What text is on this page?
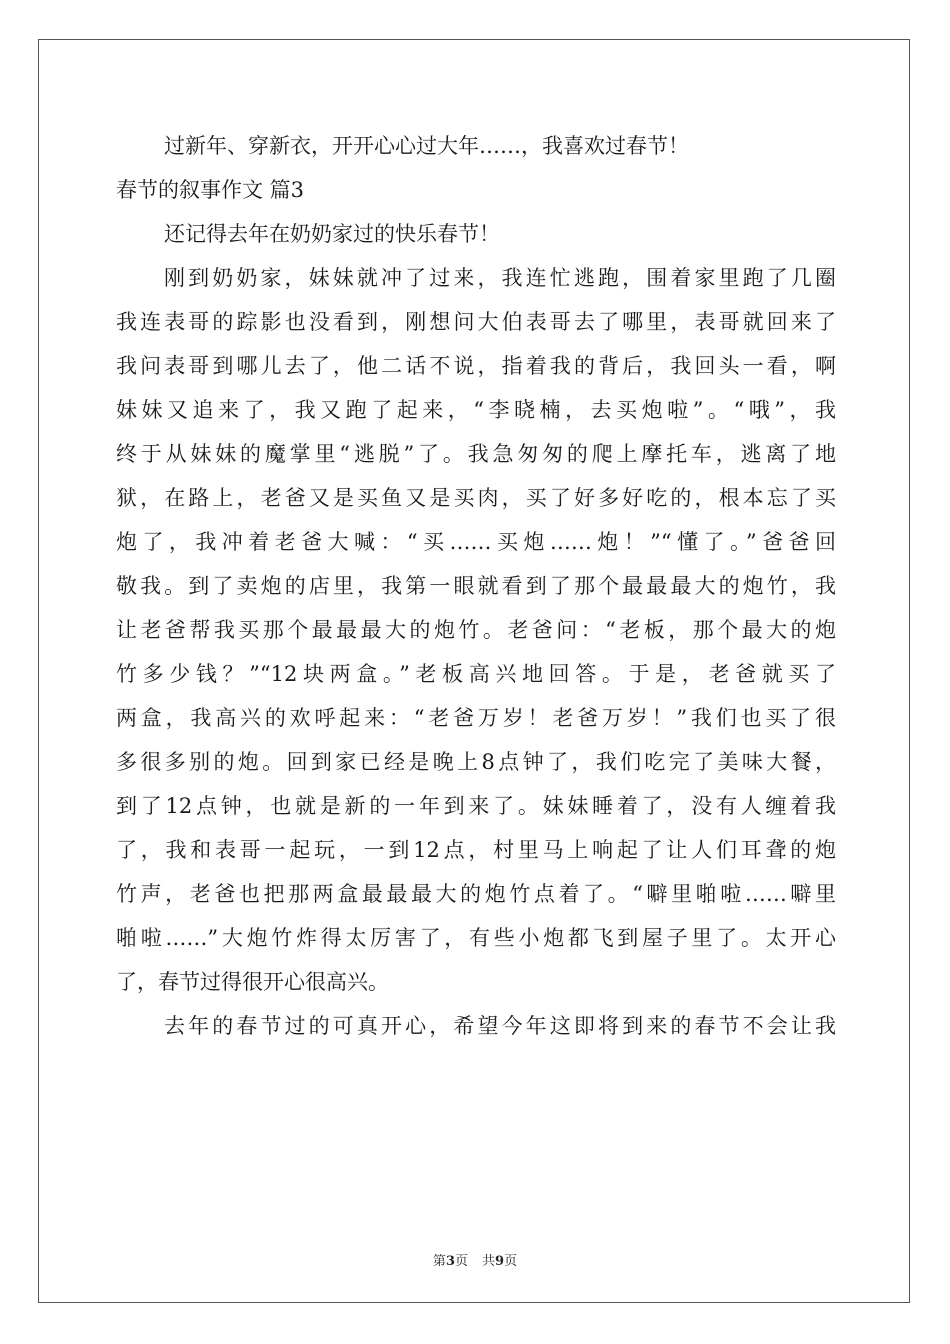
过新年、穿新衣，开开心心过大年……，我喜欢过春节！
春节的叙事作文 篇3
还记得去年在奶奶家过的快乐春节！
刚到奶奶家，妹妹就冲了过来，我连忙逃跑，围着家里跑了几圈
我连表哥的踪影也没看到，刚想问大伯表哥去了哪里，表哥就回来了
我问表哥到哪儿去了，他二话不说，指着我的背后，我回头一看，啊
妹妹又追来了，我又跑了起来，“李晓楠，去买炮啦”。“哦”，我
终于从妹妹的魔掌里“逃脱”了。我急匆匆的爬上摩托车，逃离了地
狱，在路上，老爸又是买鱼又是买肉，买了好多好吃的，根本忘了买
炮了，我冲着老爸大喊：“买……买炮……炮！”“懂了。”爸爸回
敬我。到了卖炮的店里，我第一眼就看到了那个最最最大的炮竹，我
让老爸帮我买那个最最最大的炮竹。老爸问：“老板，那个最大的炮
竹多少钱？”“12块两盒。”老板高兴地回答。于是，老爸就买了
两盒，我高兴的欢呼起来：“老爸万岁！老爸万岁！”我们也买了很
多很多别的炮。回到家已经是晚上8点钟了，我们吃完了美味大餐，
到了12点钟，也就是新的一年到来了。妹妹睡着了，没有人缠着我
了，我和表哥一起玩，一到12点，村里马上响起了让人们耳聋的炮
竹声，老爸也把那两盒最最最大的炮竹点着了。“噼里啪啦……噼里
啪啦……”大炮竹炸得太厉害了，有些小炮都飞到屋子里了。太开心
了，春节过得很开心很高兴。
去年的春节过的可真开心，希望今年这即将到来的春节不会让我
第3页 共9页
